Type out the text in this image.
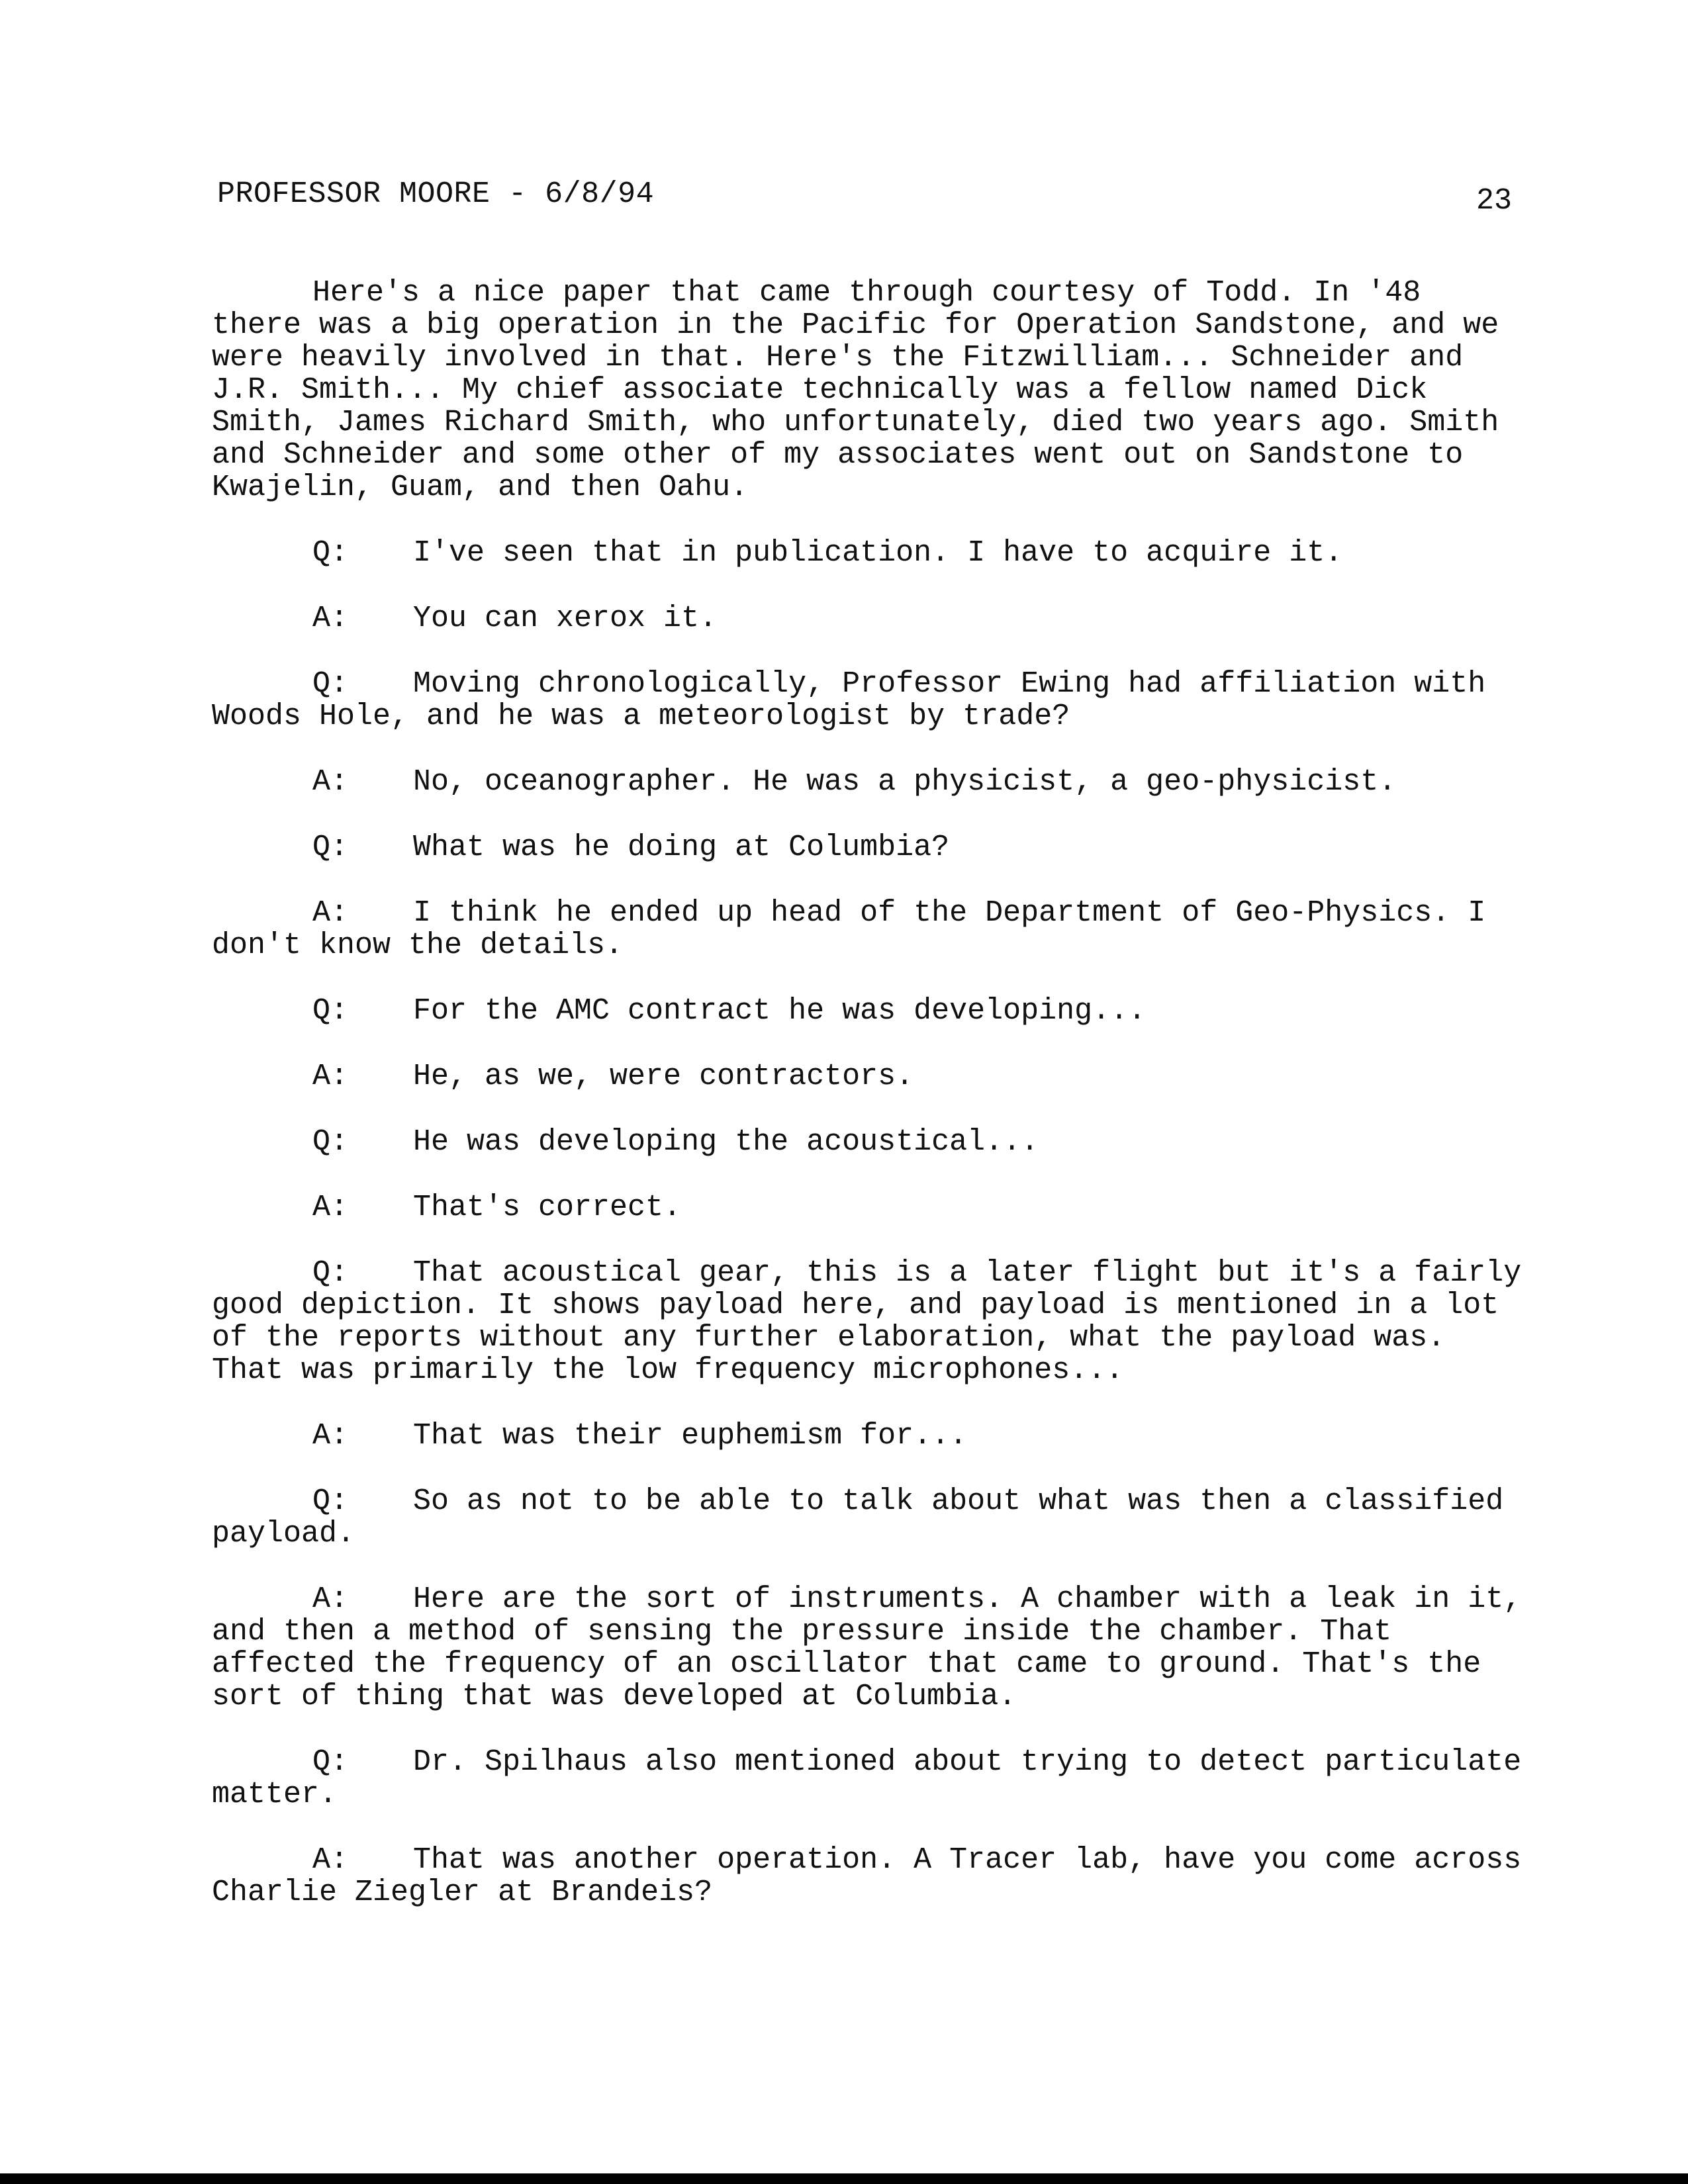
PROFESSOR MOORE - 6/8/94	23

Here's a nice paper that came through courtesy of Todd. In '48 there was a big operation in the Pacific for Operation Sandstone, and we were heavily involved in that. Here's the Fitzwilliam... Schneider and J.R. Smith... My chief associate technically was a fellow named Dick Smith, James Richard Smith, who unfortunately, died two years ago. Smith and Schneider and some other of my associates went out on Sandstone to Kwajelin, Guam, and then Oahu.

Q: I've seen that in publication. I have to acquire it.

A: You can xerox it.

Q: Moving chronologically, Professor Ewing had affiliation with Woods Hole, and he was a meteorologist by trade?

A: No, oceanographer. He was a physicist, a geo-physicist.

Q: What was he doing at Columbia?

A: I think he ended up head of the Department of Geo-Physics. I don't know the details.

Q: For the AMC contract he was developing...

A: He, as we, were contractors.

Q: He was developing the acoustical...

A: That's correct.

Q: That acoustical gear, this is a later flight but it's a fairly good depiction. It shows payload here, and payload is mentioned in a lot of the reports without any further elaboration, what the payload was. That was primarily the low frequency microphones...

A: That was their euphemism for...

Q: So as not to be able to talk about what was then a classified payload.

A: Here are the sort of instruments. A chamber with a leak in it, and then a method of sensing the pressure inside the chamber. That affected the frequency of an oscillator that came to ground. That's the sort of thing that was developed at Columbia.

Q: Dr. Spilhaus also mentioned about trying to detect particulate matter.

A: That was another operation. A Tracer lab, have you come across Charlie Ziegler at Brandeis?
